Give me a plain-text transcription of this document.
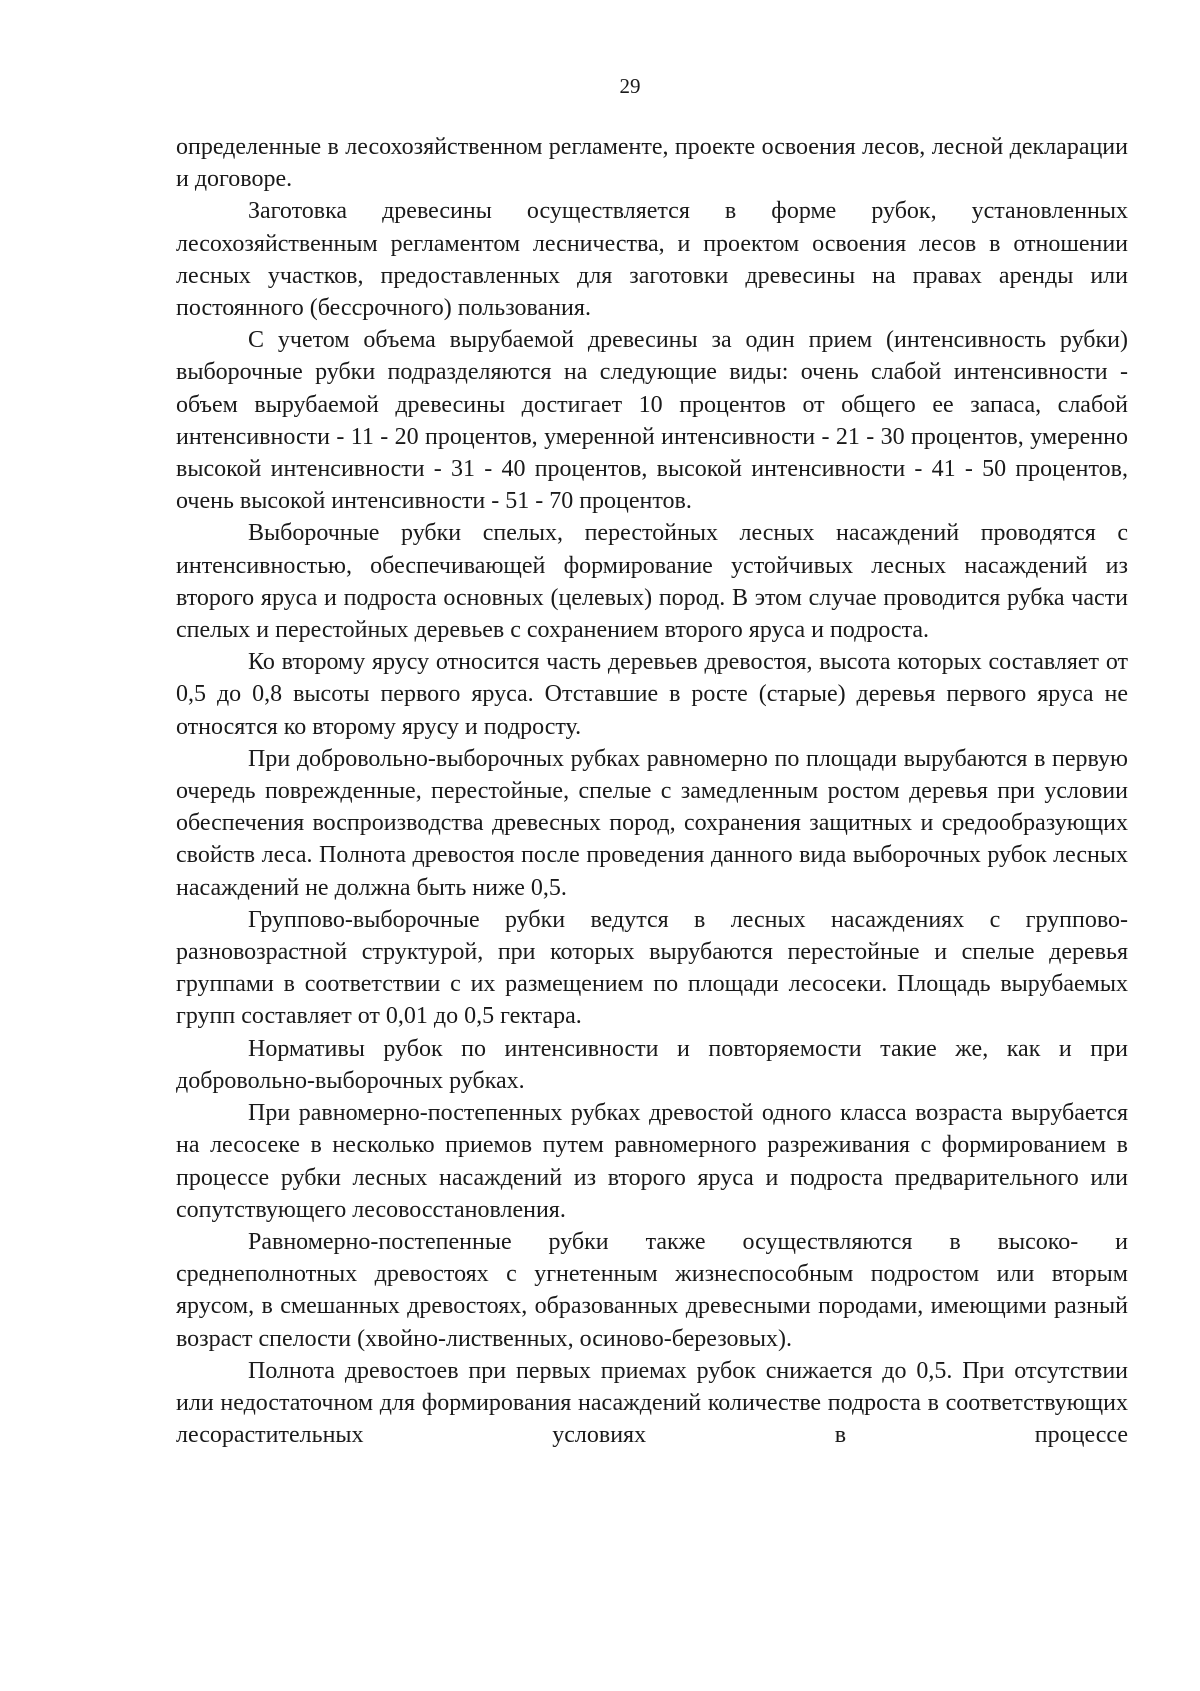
29

определенные в лесохозяйственном регламенте, проекте освоения лесов, лесной декларации и договоре.

Заготовка древесины осуществляется в форме рубок, установленных лесохозяйственным регламентом лесничества, и проектом освоения лесов в отношении лесных участков, предоставленных для заготовки древесины на правах аренды или постоянного (бессрочного) пользования.

С учетом объема вырубаемой древесины за один прием (интенсивность рубки) выборочные рубки подразделяются на следующие виды: очень слабой интенсивности - объем вырубаемой древесины достигает 10 процентов от общего ее запаса, слабой интенсивности - 11 - 20 процентов, умеренной интенсивности - 21 - 30 процентов, умеренно высокой интенсивности - 31 - 40 процентов, высокой интенсивности - 41 - 50 процентов, очень высокой интенсивности - 51 - 70 процентов.

Выборочные рубки спелых, перестойных лесных насаждений проводятся с интенсивностью, обеспечивающей формирование устойчивых лесных насаждений из второго яруса и подроста основных (целевых) пород. В этом случае проводится рубка части спелых и перестойных деревьев с сохранением второго яруса и подроста.

Ко второму ярусу относится часть деревьев древостоя, высота которых составляет от 0,5 до 0,8 высоты первого яруса. Отставшие в росте (старые) деревья первого яруса не относятся ко второму ярусу и подросту.

При добровольно-выборочных рубках равномерно по площади вырубаются в первую очередь поврежденные, перестойные, спелые с замедленным ростом деревья при условии обеспечения воспроизводства древесных пород, сохранения защитных и средообразующих свойств леса. Полнота древостоя после проведения данного вида выборочных рубок лесных насаждений не должна быть ниже 0,5.

Группово-выборочные рубки ведутся в лесных насаждениях с группово-разновозрастной структурой, при которых вырубаются перестойные и спелые деревья группами в соответствии с их размещением по площади лесосеки. Площадь вырубаемых групп составляет от 0,01 до 0,5 гектара.

Нормативы рубок по интенсивности и повторяемости такие же, как и при добровольно-выборочных рубках.

При равномерно-постепенных рубках древостой одного класса возраста вырубается на лесосеке в несколько приемов путем равномерного разреживания с формированием в процессе рубки лесных насаждений из второго яруса и подроста предварительного или сопутствующего лесовосстановления.

Равномерно-постепенные рубки также осуществляются в высоко- и среднеполнотных древостоях с угнетенным жизнеспособным подростом или вторым ярусом, в смешанных древостоях, образованных древесными породами, имеющими разный возраст спелости (хвойно-лиственных, осиново-березовых).

Полнота древостоев при первых приемах рубок снижается до 0,5. При отсутствии или недостаточном для формирования насаждений количестве подроста в соответствующих лесорастительных условиях в процессе
